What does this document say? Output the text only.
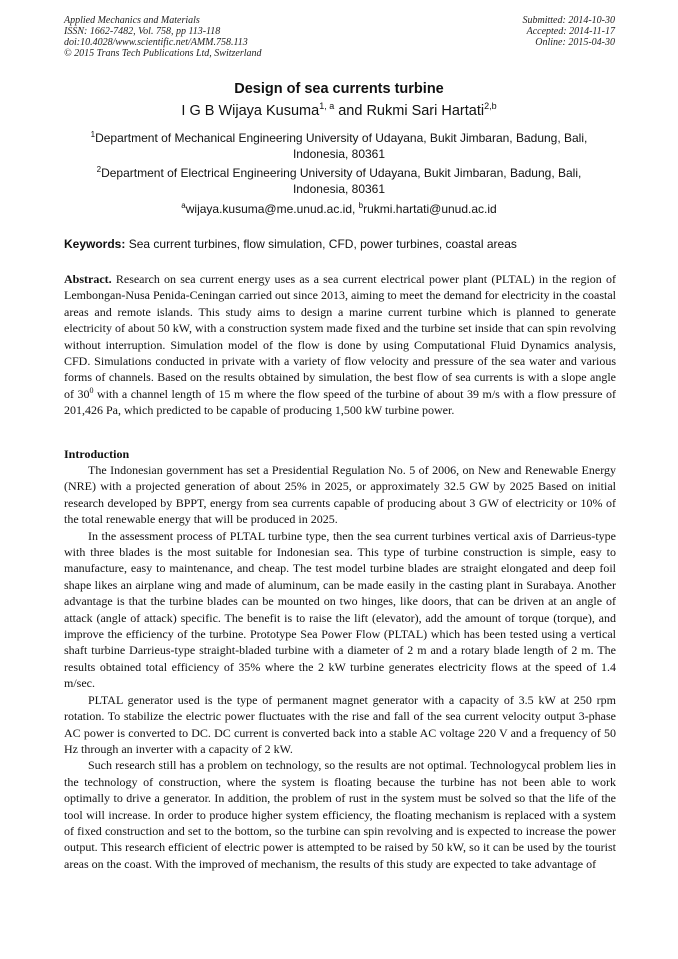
Applied Mechanics and Materials
ISSN: 1662-7482, Vol. 758, pp 113-118
doi:10.4028/www.scientific.net/AMM.758.113
© 2015 Trans Tech Publications Ltd, Switzerland
Submitted: 2014-10-30
Accepted: 2014-11-17
Online: 2015-04-30
Design of sea currents turbine
I G B Wijaya Kusuma$^{1, a}$ and Rukmi Sari Hartati$^{2,b}$
$^1$Department of Mechanical Engineering University of Udayana, Bukit Jimbaran, Badung, Bali, Indonesia, 80361
$^2$Department of Electrical Engineering University of Udayana, Bukit Jimbaran, Badung, Bali, Indonesia, 80361
$^a$wijaya.kusuma@me.unud.ac.id, $^b$rukmi.hartati@unud.ac.id
Keywords: Sea current turbines, flow simulation, CFD, power turbines, coastal areas

Abstract. Research on sea current energy uses as a sea current electrical power plant (PLTAL) in the region of Lembongan-Nusa Penida-Ceningan carried out since 2013, aiming to meet the demand for electricity in the coastal areas and remote islands. This study aims to design a marine current turbine which is planned to generate electricity of about 50 kW, with a construction system made fixed and the turbine set inside that can spin revolving without interruption. Simulation model of the flow is done by using Computational Fluid Dynamics analysis, CFD. Simulations conducted in private with a variety of flow velocity and pressure of the sea water and various forms of channels. Based on the results obtained by simulation, the best flow of sea currents is with a slope angle of $30^0$ with a channel length of 15 m where the flow speed of the turbine of about 39 m/s with a flow pressure of 201,426 Pa, which predicted to be capable of producing 1,500 kW turbine power.

Introduction

The Indonesian government has set a Presidential Regulation No. 5 of 2006, on New and Renewable Energy (NRE) with a projected generation of about 25% in 2025, or approximately 32.5 GW by 2025 Based on initial research developed by BPPT, energy from sea currents capable of producing about 3 GW of electricity or 10% of the total renewable energy that will be produced in 2025.

In the assessment process of PLTAL turbine type, then the sea current turbines vertical axis of Darrieus-type with three blades is the most suitable for Indonesian sea. This type of turbine construction is simple, easy to manufacture, easy to maintenance, and cheap. The test model turbine blades are straight elongated and deep foil shape likes an airplane wing and made of aluminum, can be made easily in the casting plant in Surabaya. Another advantage is that the turbine blades can be mounted on two hinges, like doors, that can be driven at an angle of attack (angle of attack) specific. The benefit is to raise the lift (elevator), add the amount of torque (torque), and improve the efficiency of the turbine. Prototype Sea Power Flow (PLTAL) which has been tested using a vertical shaft turbine Darrieus-type straight-bladed turbine with a diameter of 2 m and a rotary blade length of 2 m. The results obtained total efficiency of 35% where the 2 kW turbine generates electricity flows at the speed of 1.4 m/sec.

PLTAL generator used is the type of permanent magnet generator with a capacity of 3.5 kW at 250 rpm rotation. To stabilize the electric power fluctuates with the rise and fall of the sea current velocity output 3-phase AC power is converted to DC. DC current is converted back into a stable AC voltage 220 V and a frequency of 50 Hz through an inverter with a capacity of 2 kW.

Such research still has a problem on technology, so the results are not optimal. Technologycal problem lies in the technology of construction, where the system is floating because the turbine has not been able to work optimally to drive a generator. In addition, the problem of rust in the system must be solved so that the life of the tool will increase. In order to produce higher system efficiency, the floating mechanism is replaced with a system of fixed construction and set to the bottom, so the turbine can spin revolving and is expected to increase the power output. This research efficient of electric power is attempted to be raised by 50 kW, so it can be used by the tourist areas on the coast. With the improved of mechanism, the results of this study are expected to take advantage of
